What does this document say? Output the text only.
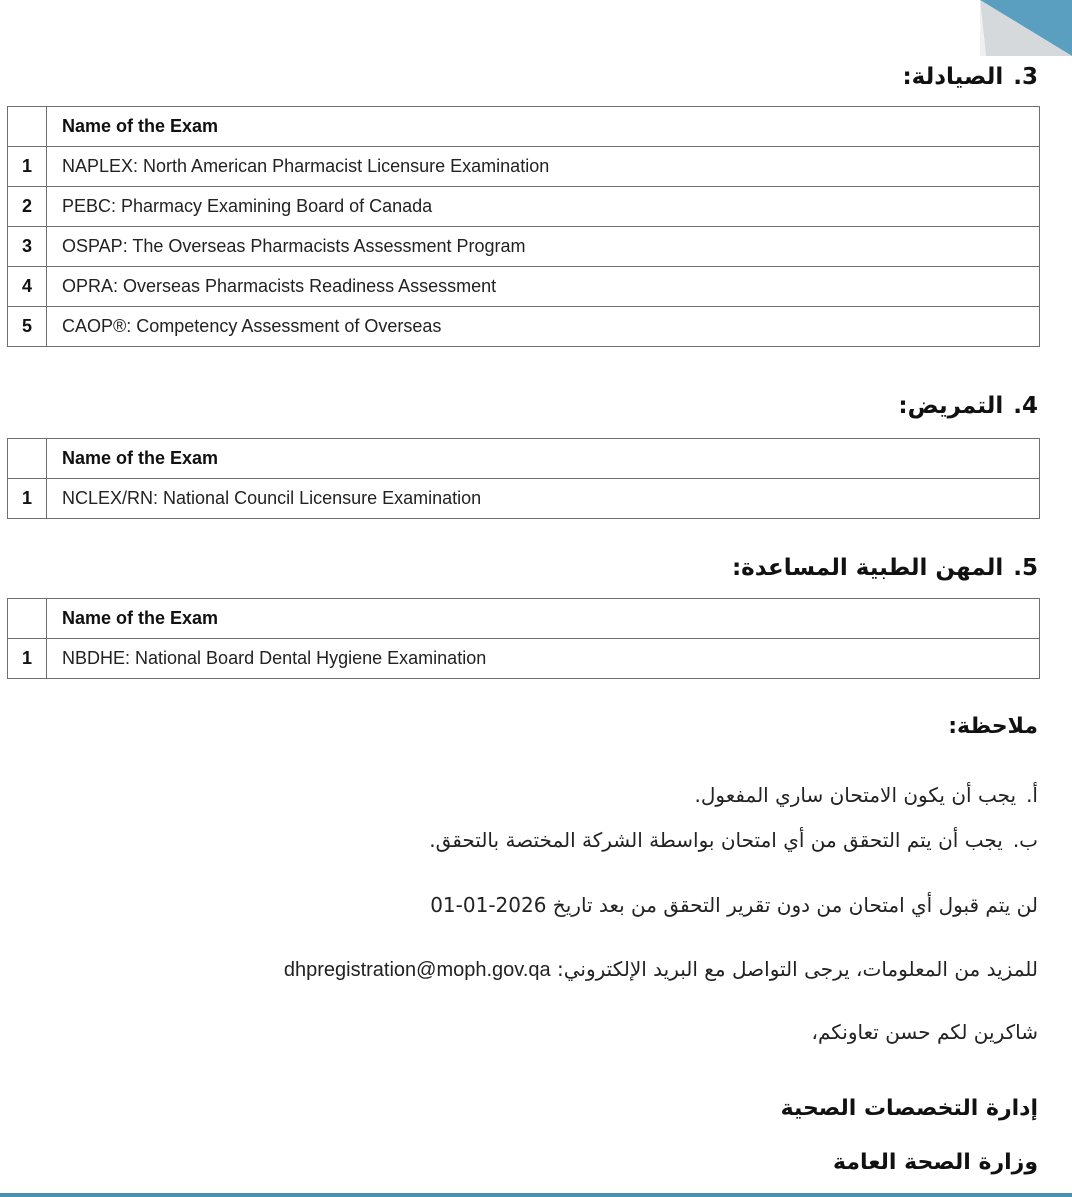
3.الصيادلة:
	Name of the Exam
1	NAPLEX: North American Pharmacist Licensure Examination
2	PEBC: Pharmacy Examining Board of Canada
3	OSPAP: The Overseas Pharmacists Assessment Program
4	OPRA: Overseas Pharmacists Readiness Assessment
5	CAOP®: Competency Assessment of Overseas
4.التمريض:
	Name of the Exam
1	NCLEX/RN: National Council Licensure Examination
5.المهن الطبية المساعدة:
	Name of the Exam
1	NBDHE: National Board Dental Hygiene Examination

ملاحظة:

أ.يجب أن يكون الامتحان ساري المفعول.

ب.يجب أن يتم التحقق من أي امتحان بواسطة الشركة المختصة بالتحقق.

لن يتم قبول أي امتحان من دون تقرير التحقق من بعد تاريخ 2026-01-01

للمزيد من المعلومات، يرجى التواصل مع البريد الإلكتروني: dhpregistration@moph.gov.qa

شاكرين لكم حسن تعاونكم،

إدارة التخصصات الصحية

وزارة الصحة العامة
